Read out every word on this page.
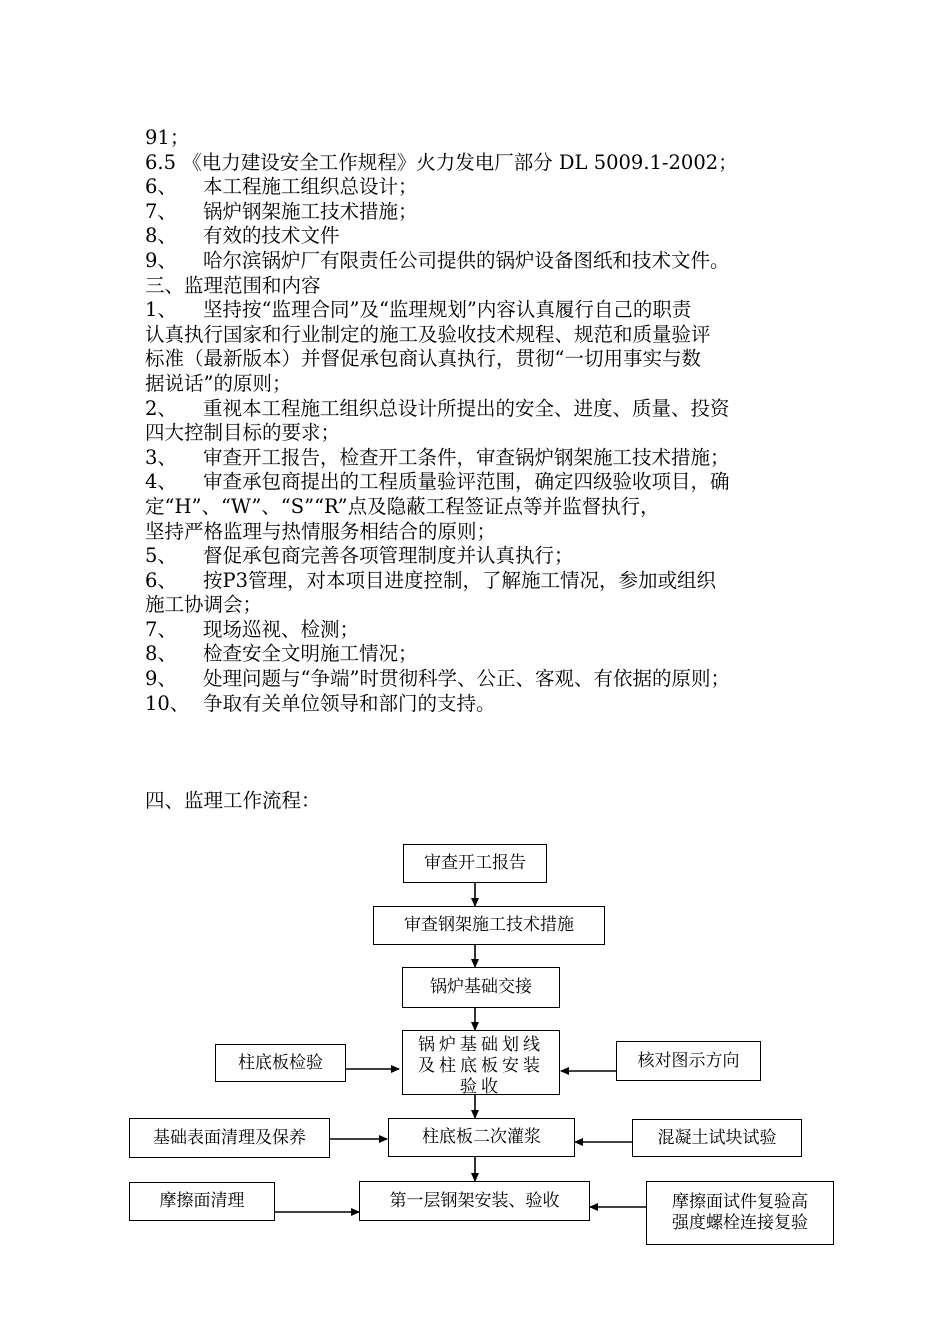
91；
6.5 《电力建设安全工作规程》火力发电厂部分 DL 5009.1-2002；
6、 本工程施工组织总设计；
7、 锅炉钢架施工技术措施；
8、 有效的技术文件
9、 哈尔滨锅炉厂有限责任公司提供的锅炉设备图纸和技术文件。
三、监理范围和内容
1、 坚持按“监理合同”及“监理规划”内容认真履行自己的职责
认真执行国家和行业制定的施工及验收技术规程、规范和质量验评
标准（最新版本）并督促承包商认真执行，贯彻“一切用事实与数
据说话”的原则；
2、 重视本工程施工组织总设计所提出的安全、进度、质量、投资
四大控制目标的要求；
3、 审查开工报告，检查开工条件，审查锅炉钢架施工技术措施；
4、 审查承包商提出的工程质量验评范围，确定四级验收项目，确
定“H”、“W”、“S”“R”点及隐蔽工程签证点等并监督执行，
坚持严格监理与热情服务相结合的原则；
5、 督促承包商完善各项管理制度并认真执行；
6、 按P3管理，对本项目进度控制，了解施工情况，参加或组织
施工协调会；
7、 现场巡视、检测；
8、 检查安全文明施工情况；
9、 处理问题与“争端”时贯彻科学、公正、客观、有依据的原则；
10、 争取有关单位领导和部门的支持。
四、监理工作流程：
审查开工报告
审查钢架施工技术措施
锅炉基础交接
锅炉基础划线
及柱底板安装
验收
柱底板检验	核对图示方向
柱底板二次灌浆
基础表面清理及保养	混凝土试块试验
第一层钢架安装、验收
摩擦面清理	摩擦面试件复验高
强度螺栓连接复验
